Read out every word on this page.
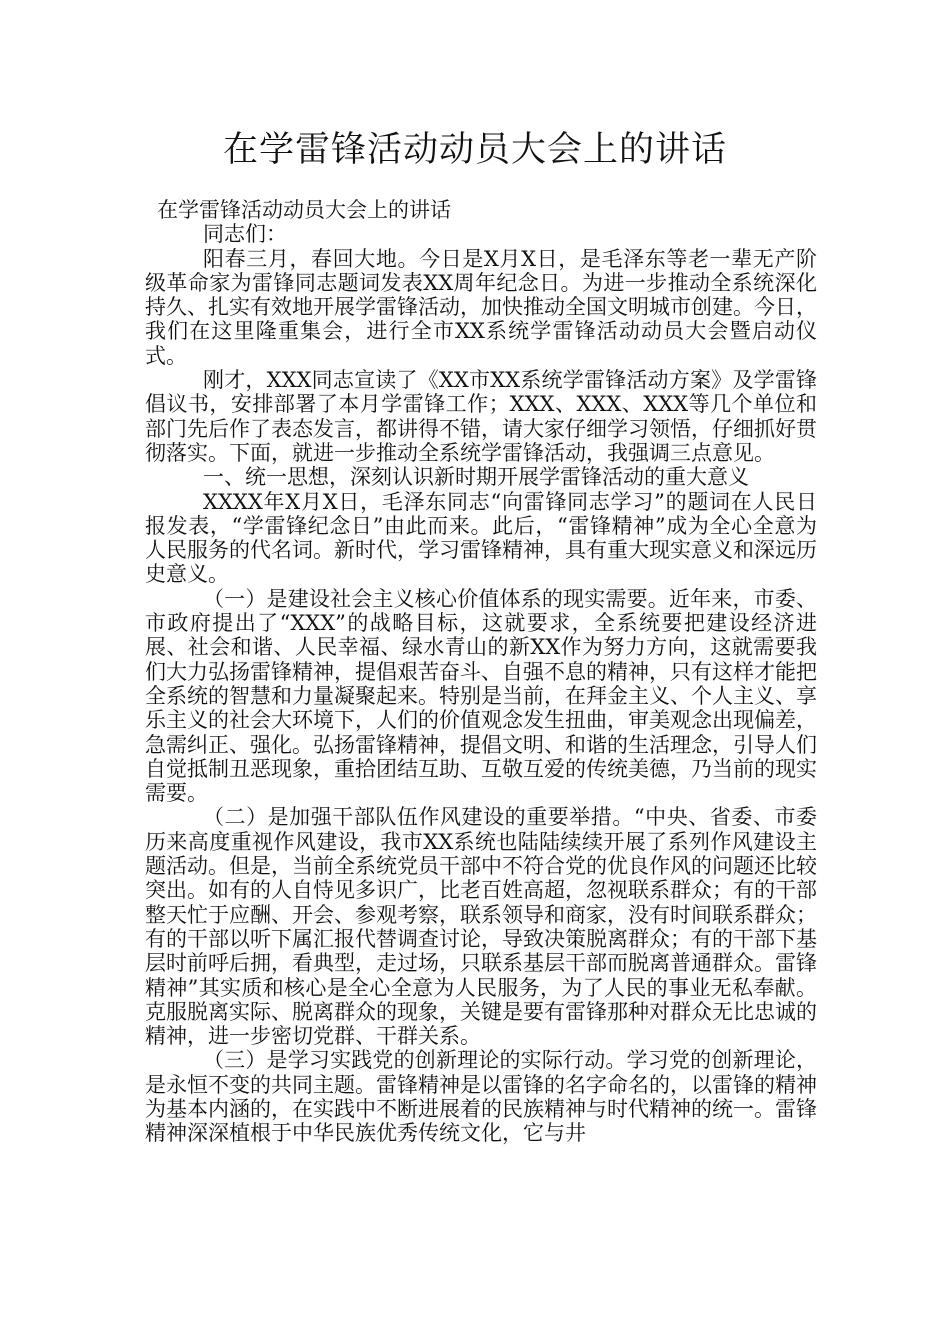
在学雷锋活动动员大会上的讲话

在学雷锋活动动员大会上的讲话

同志们：

阳春三月，春回大地。今日是X月X日，是毛泽东等老一辈无产阶级革命家为雷锋同志题词发表XX周年纪念日。为进一步推动全系统深化持久、扎实有效地开展学雷锋活动，加快推动全国文明城市创建。今日，我们在这里隆重集会，进行全市XX系统学雷锋活动动员大会暨启动仪式。

刚才，XXX同志宣读了《XX市XX系统学雷锋活动方案》及学雷锋倡议书，安排部署了本月学雷锋工作；XXX、XXX、XXX等几个单位和部门先后作了表态发言，都讲得不错，请大家仔细学习领悟，仔细抓好贯彻落实。下面，就进一步推动全系统学雷锋活动，我强调三点意见。

一、统一思想，深刻认识新时期开展学雷锋活动的重大意义

XXXX年X月X日，毛泽东同志“向雷锋同志学习”的题词在人民日报发表，“学雷锋纪念日”由此而来。此后，“雷锋精神”成为全心全意为人民服务的代名词。新时代，学习雷锋精神，具有重大现实意义和深远历史意义。

（一）是建设社会主义核心价值体系的现实需要。近年来，市委、市政府提出了“XXX”的战略目标，这就要求，全系统要把建设经济进展、社会和谐、人民幸福、绿水青山的新XX作为努力方向，这就需要我们大力弘扬雷锋精神，提倡艰苦奋斗、自强不息的精神，只有这样才能把全系统的智慧和力量凝聚起来。特别是当前，在拜金主义、个人主义、享乐主义的社会大环境下，人们的价值观念发生扭曲，审美观念出现偏差，急需纠正、强化。弘扬雷锋精神，提倡文明、和谐的生活理念，引导人们自觉抵制丑恶现象，重拾团结互助、互敬互爱的传统美德，乃当前的现实需要。

（二）是加强干部队伍作风建设的重要举措。“中央、省委、市委历来高度重视作风建设，我市XX系统也陆陆续续开展了系列作风建设主题活动。但是，当前全系统党员干部中不符合党的优良作风的问题还比较突出。如有的人自恃见多识广，比老百姓高超，忽视联系群众；有的干部整天忙于应酬、开会、参观考察，联系领导和商家，没有时间联系群众；有的干部以听下属汇报代替调查讨论，导致决策脱离群众；有的干部下基层时前呼后拥，看典型，走过场，只联系基层干部而脱离普通群众。雷锋精神”其实质和核心是全心全意为人民服务，为了人民的事业无私奉献。克服脱离实际、脱离群众的现象，关键是要有雷锋那种对群众无比忠诚的精神，进一步密切党群、干群关系。

（三）是学习实践党的创新理论的实际行动。学习党的创新理论，是永恒不变的共同主题。雷锋精神是以雷锋的名字命名的，以雷锋的精神为基本内涵的，在实践中不断进展着的民族精神与时代精神的统一。雷锋精神深深植根于中华民族优秀传统文化，它与井
